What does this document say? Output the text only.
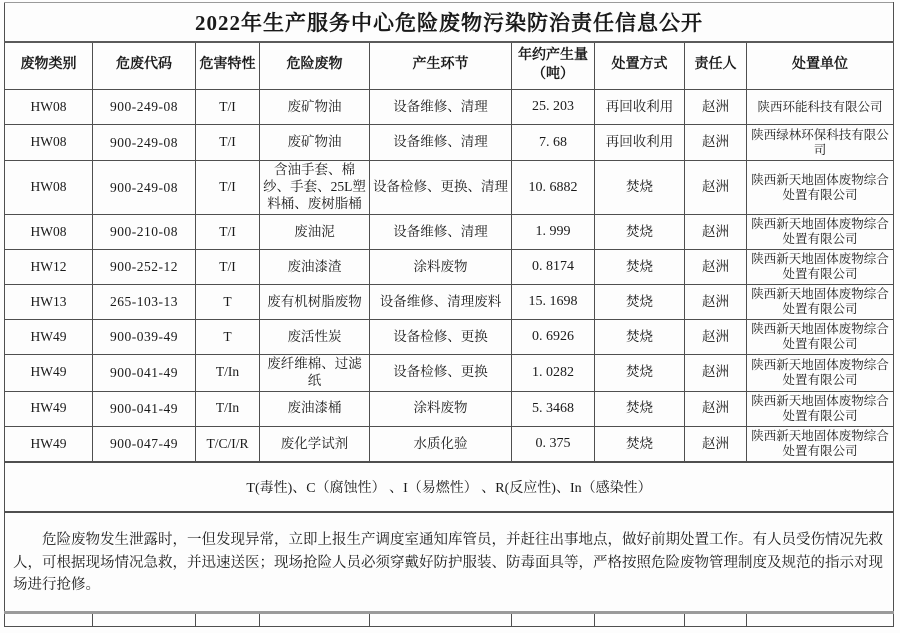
2022年生产服务中心危险废物污染防治责任信息公开								
废物类别	危废代码	危害特性	危险废物	产生环节	年约产生量（吨）	处置方式	责任人	处置单位
HW08	900-249-08	T/I	废矿物油	设备维修、清理	25. 203	再回收利用	赵洲	陕西环能科技有限公司
HW08	900-249-08	T/I	废矿物油	设备维修、清理	7. 68	再回收利用	赵洲	陕西绿林环保科技有限公司
HW08	900-249-08	T/I	含油手套、棉纱、手套、25L塑料桶、废树脂桶	设备检修、更换、清理	10. 6882	焚烧	赵洲	陕西新天地固体废物综合处置有限公司
HW08	900-210-08	T/I	废油泥	设备维修、清理	1. 999	焚烧	赵洲	陕西新天地固体废物综合处置有限公司
HW12	900-252-12	T/I	废油漆渣	涂料废物	0. 8174	焚烧	赵洲	陕西新天地固体废物综合处置有限公司
HW13	265-103-13	T	废有机树脂废物	设备维修、清理废料	15. 1698	焚烧	赵洲	陕西新天地固体废物综合处置有限公司
HW49	900-039-49	T	废活性炭	设备检修、更换	0. 6926	焚烧	赵洲	陕西新天地固体废物综合处置有限公司
HW49	900-041-49	T/In	废纤维棉、过滤纸	设备检修、更换	1. 0282	焚烧	赵洲	陕西新天地固体废物综合处置有限公司
HW49	900-041-49	T/In	废油漆桶	涂料废物	5. 3468	焚烧	赵洲	陕西新天地固体废物综合处置有限公司
HW49	900-047-49	T/C/I/R	废化学试剂	水质化验	0. 375	焚烧	赵洲	陕西新天地固体废物综合处置有限公司
T(毒性)、C（腐蚀性） 、I（易燃性） 、R(反应性)、In（感染性）								

危险废物发生泄露时，一但发现异常，立即上报生产调度室通知库管员，并赶往出事地点，做好前期处置工作。有人员受伤情况先救人，可根据现场情况急救，并迅速送医；现场抢险人员必须穿戴好防护服装、防毒面具等，严格按照危险废物管理制度及规范的指示对现场进行抢修。								
